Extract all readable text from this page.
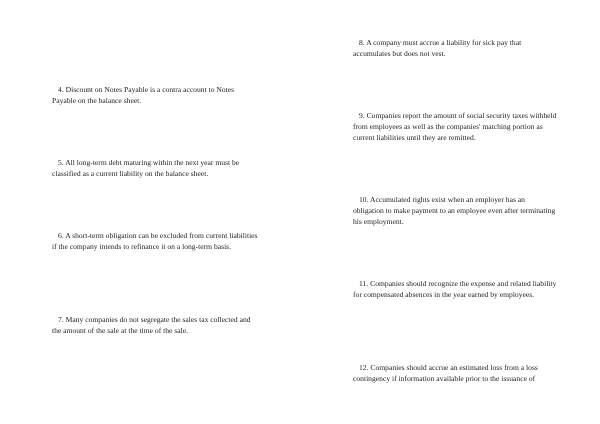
4. Discount on Notes Payable is a contra account to Notes Payable on the balance sheet.

5. All long-term debt maturing within the next year must be classified as a current liability on the balance sheet.

6. A short-term obligation can be excluded from current liabilities if the company intends to refinance it on a long-term basis.

7. Many companies do not segregate the sales tax collected and the amount of the sale at the time of the sale.

8. A company must accrue a liability for sick pay that accumulates but does not vest.

9. Companies report the amount of social security taxes withheld from employees as well as the companies' matching portion as current liabilities until they are remitted.

10. Accumulated rights exist when an employer has an obligation to make payment to an employee even after terminating his employment.

11. Companies should recognize the expense and related liability for compensated absences in the year earned by employees.

12. Companies should accrue an estimated loss from a loss contingency if information available prior to the issuance of
